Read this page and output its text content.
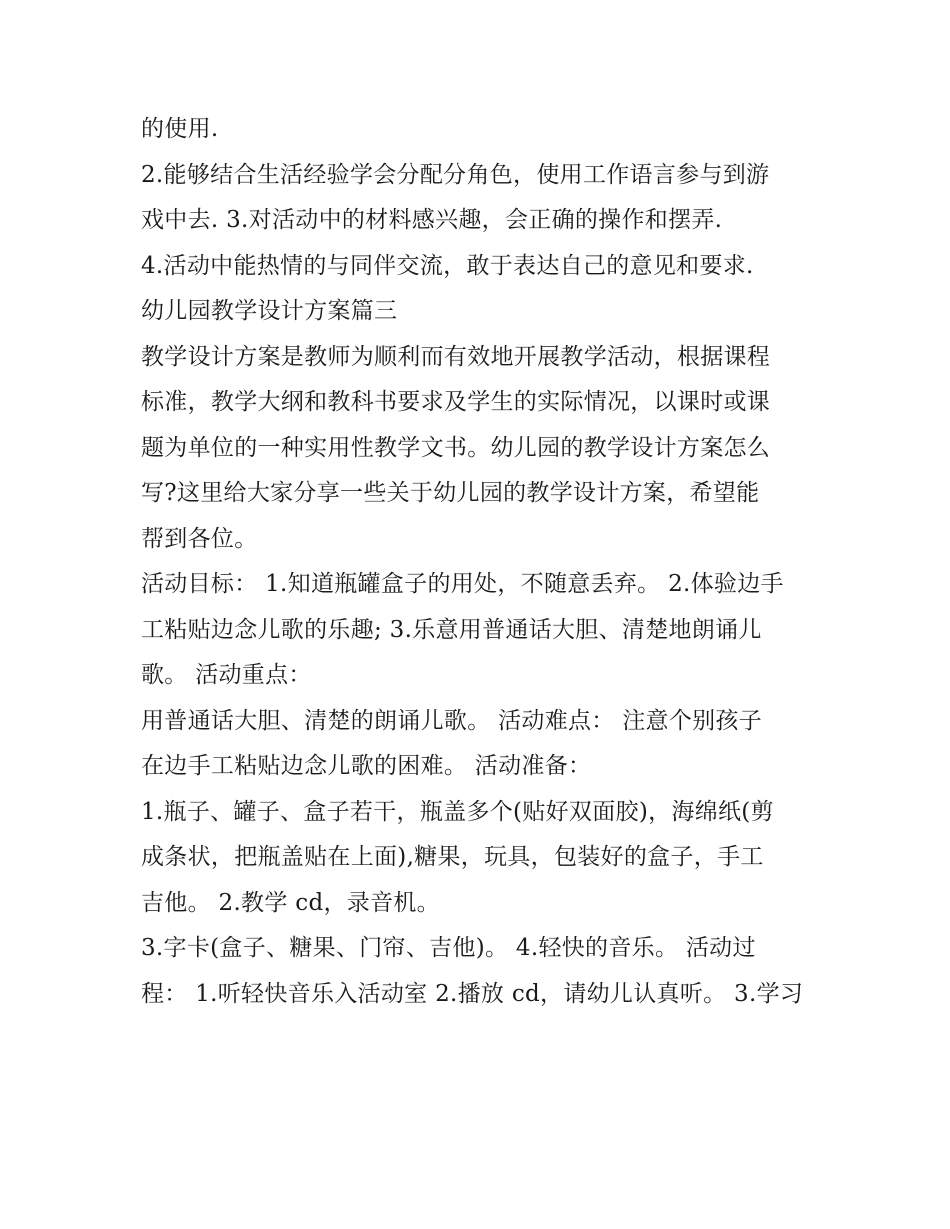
的使用.
2.能够结合生活经验学会分配分角色，使用工作语言参与到游
戏中去. 3.对活动中的材料感兴趣，会正确的操作和摆弄.
4.活动中能热情的与同伴交流，敢于表达自己的意见和要求.
幼儿园教学设计方案篇三
教学设计方案是教师为顺利而有效地开展教学活动，根据课程
标准，教学大纲和教科书要求及学生的实际情况，以课时或课
题为单位的一种实用性教学文书。幼儿园的教学设计方案怎么
写?这里给大家分享一些关于幼儿园的教学设计方案，希望能
帮到各位。
活动目标： 1.知道瓶罐盒子的用处，不随意丢弃。 2.体验边手
工粘贴边念儿歌的乐趣; 3.乐意用普通话大胆、清楚地朗诵儿
歌。 活动重点：
用普通话大胆、清楚的朗诵儿歌。 活动难点： 注意个别孩子
在边手工粘贴边念儿歌的困难。 活动准备：
1.瓶子、罐子、盒子若干，瓶盖多个(贴好双面胶)，海绵纸(剪
成条状，把瓶盖贴在上面),糖果，玩具，包装好的盒子，手工
吉他。 2.教学 cd，录音机。
3.字卡(盒子、糖果、门帘、吉他)。 4.轻快的音乐。 活动过
程： 1.听轻快音乐入活动室 2.播放 cd，请幼儿认真听。 3.学习
